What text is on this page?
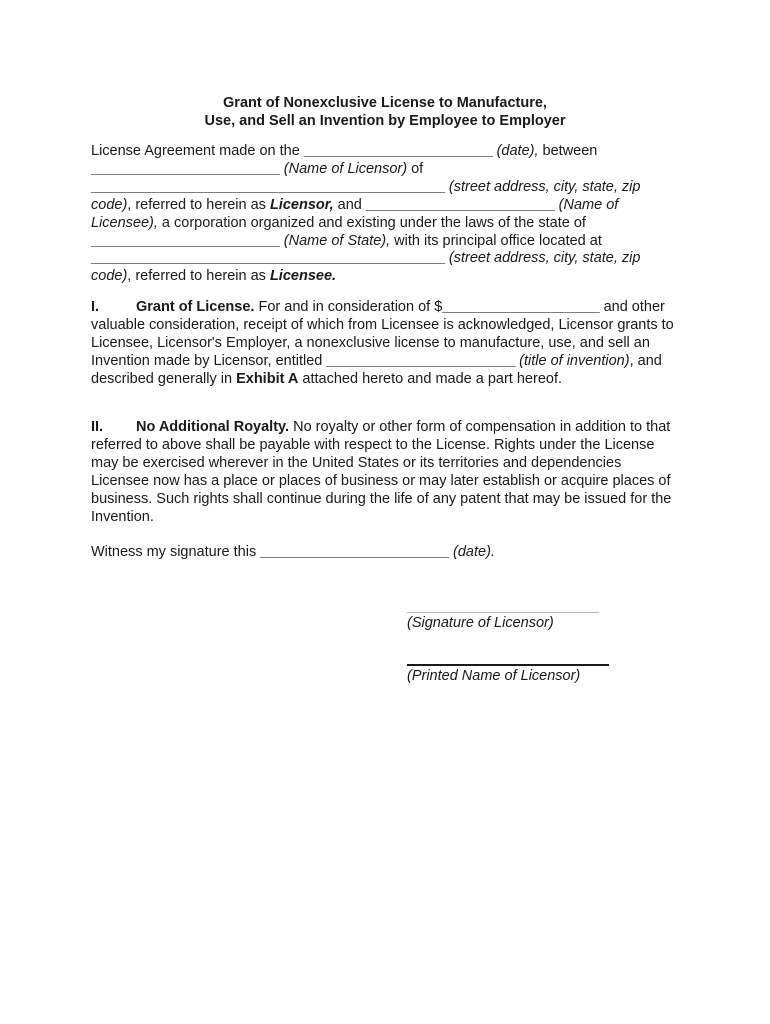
Grant of Nonexclusive License to Manufacture,
Use, and Sell an Invention by Employee to Employer

License Agreement made on the ________________________ (date), between ________________________ (Name of Licensor) of _____________________________________________ (street address, city, state, zip code), referred to herein as Licensor, and ________________________ (Name of Licensee), a corporation organized and existing under the laws of the state of ________________________ (Name of State), with its principal office located at _____________________________________________ (street address, city, state, zip code), referred to herein as Licensee.

I.	Grant of License. For and in consideration of $____________________ and other valuable consideration, receipt of which from Licensee is acknowledged, Licensor grants to Licensee, Licensor's Employer, a nonexclusive license to manufacture, use, and sell an Invention made by Licensor, entitled ________________________ (title of invention), and described generally in Exhibit A attached hereto and made a part hereof.

II. No Additional Royalty. No royalty or other form of compensation in addition to that referred to above shall be payable with respect to the License. Rights under the License may be exercised wherever in the United States or its territories and dependencies Licensee now has a place or places of business or may later establish or acquire places of business. Such rights shall continue during the life of any patent that may be issued for the Invention.

Witness my signature this ________________________ (date).

(Signature of Licensor)
(Printed Name of Licensor)
